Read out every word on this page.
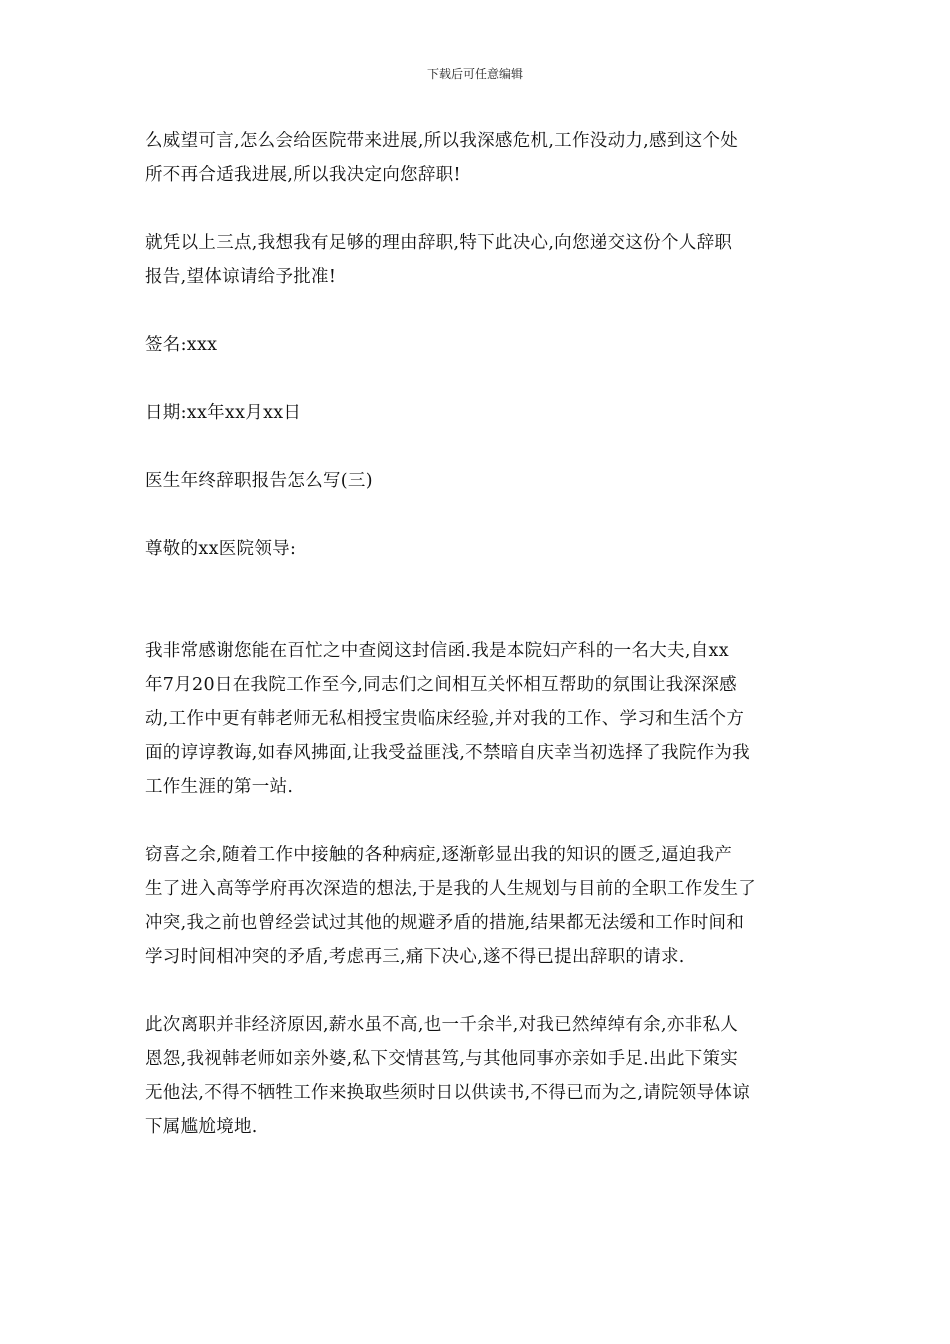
下载后可任意编辑
么威望可言,怎么会给医院带来进展,所以我深感危机,工作没动力,感到这个处
所不再合适我进展,所以我决定向您辞职!
就凭以上三点,我想我有足够的理由辞职,特下此决心,向您递交这份个人辞职
报告,望体谅请给予批准!
签名:xxx
日期:xx年xx月xx日
医生年终辞职报告怎么写(三)
尊敬的xx医院领导:
我非常感谢您能在百忙之中查阅这封信函.我是本院妇产科的一名大夫,自xx
年7月20日在我院工作至今,同志们之间相互关怀相互帮助的氛围让我深深感
动,工作中更有韩老师无私相授宝贵临床经验,并对我的工作、学习和生活个方
面的谆谆教诲,如春风拂面,让我受益匪浅,不禁暗自庆幸当初选择了我院作为我
工作生涯的第一站.
窃喜之余,随着工作中接触的各种病症,逐渐彰显出我的知识的匮乏,逼迫我产
生了进入高等学府再次深造的想法,于是我的人生规划与目前的全职工作发生了
冲突,我之前也曾经尝试过其他的规避矛盾的措施,结果都无法缓和工作时间和
学习时间相冲突的矛盾,考虑再三,痛下决心,遂不得已提出辞职的请求.
此次离职并非经济原因,薪水虽不高,也一千余半,对我已然绰绰有余,亦非私人
恩怨,我视韩老师如亲外婆,私下交情甚笃,与其他同事亦亲如手足.出此下策实
无他法,不得不牺牲工作来换取些须时日以供读书,不得已而为之,请院领导体谅
下属尴尬境地.
